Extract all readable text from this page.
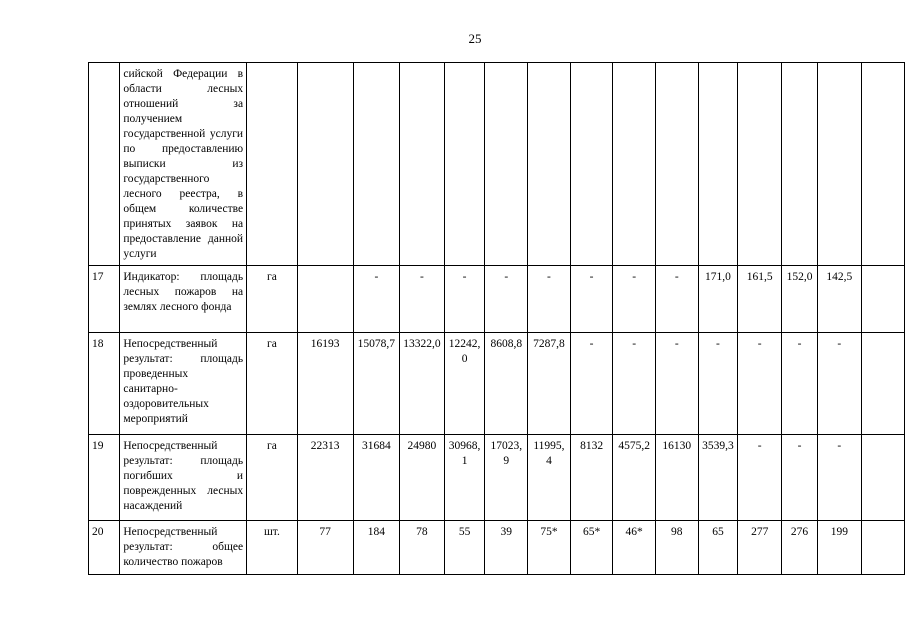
25
	сийской Федерации в области лесных отношений за получением государственной услуги по предоставлению выписки из государственного лесного реестра, в общем количестве принятых заявок на предоставление данной услуги															
17	Индикатор: площадь лесных пожаров на землях лесного фонда	га		-	-	-	-	-	-	-	-	171,0	161,5	152,0	142,5	
18	Непосредственный результат: площадь проведенных санитарно-оздоровительных мероприятий	га	16193	15078,7	13322,0	12242,0	8608,8	7287,8	-	-	-	-	-	-	-	
19	Непосредственный результат: площадь погибших и поврежденных лесных насаждений	га	22313	31684	24980	30968,1	17023,9	11995,4	8132	4575,2	16130	3539,3	-	-	-	
20	Непосредственный результат: общее количество пожаров	шт.	77	184	78	55	39	75*	65*	46*	98	65	277	276	199	
